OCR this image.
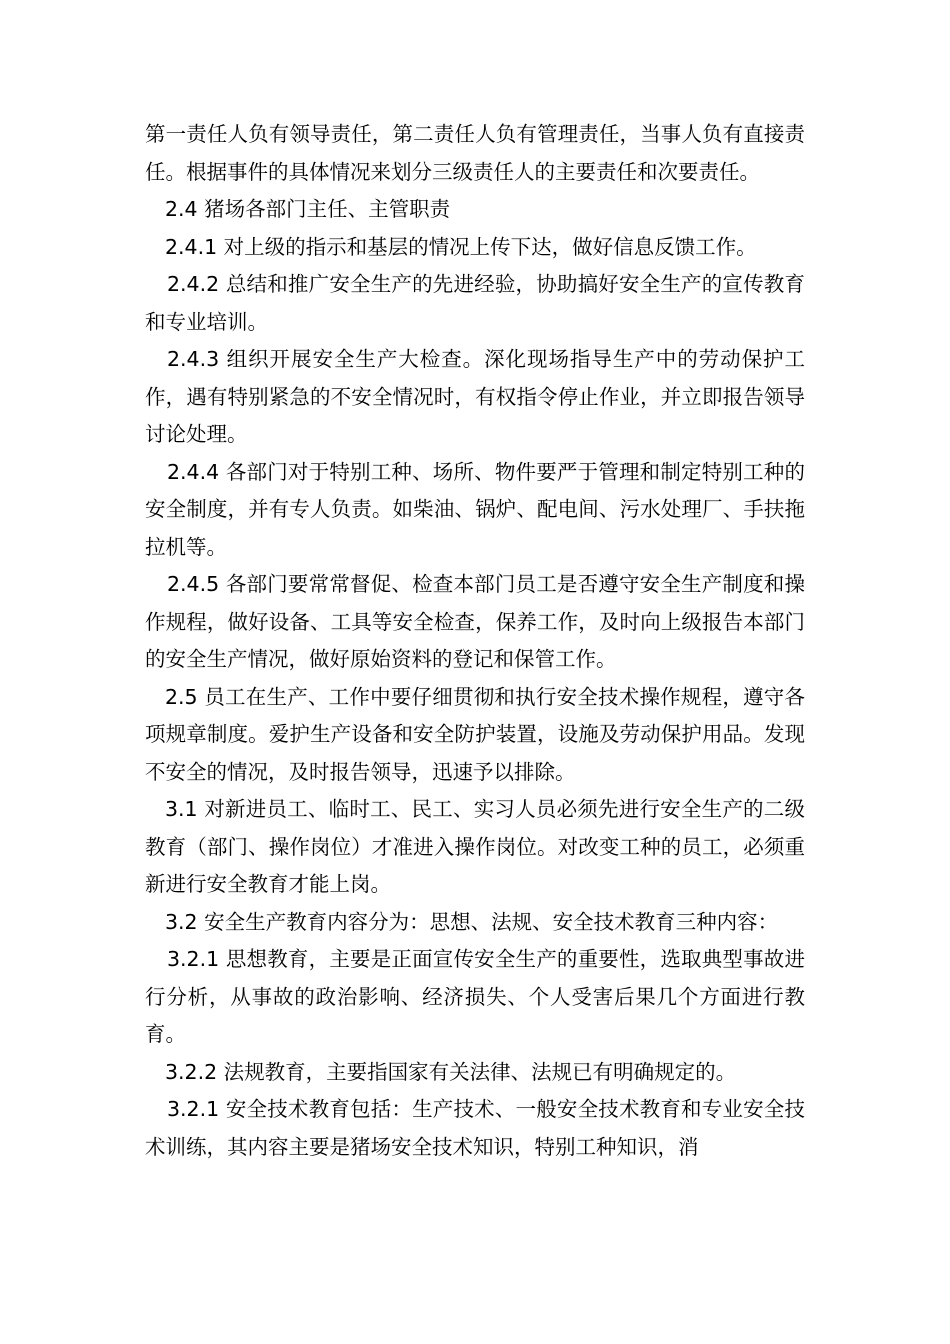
第一责任人负有领导责任，第二责任人负有管理责任，当事人负有直接责任。根据事件的具体情况来划分三级责任人的主要责任和次要责任。

2.4 猪场各部门主任、主管职责

2.4.1 对上级的指示和基层的情况上传下达，做好信息反馈工作。

2.4.2 总结和推广安全生产的先进经验，协助搞好安全生产的宣传教育和专业培训。

2.4.3 组织开展安全生产大检查。深化现场指导生产中的劳动保护工作，遇有特别紧急的不安全情况时，有权指令停止作业，并立即报告领导讨论处理。

2.4.4 各部门对于特别工种、场所、物件要严于管理和制定特别工种的安全制度，并有专人负责。如柴油、锅炉、配电间、污水处理厂、手扶拖拉机等。

2.4.5 各部门要常常督促、检查本部门员工是否遵守安全生产制度和操作规程，做好设备、工具等安全检查，保养工作，及时向上级报告本部门的安全生产情况，做好原始资料的登记和保管工作。

2.5 员工在生产、工作中要仔细贯彻和执行安全技术操作规程，遵守各项规章制度。爱护生产设备和安全防护装置，设施及劳动保护用品。发现不安全的情况，及时报告领导，迅速予以排除。

3.1 对新进员工、临时工、民工、实习人员必须先进行安全生产的二级教育（部门、操作岗位）才准进入操作岗位。对改变工种的员工，必须重新进行安全教育才能上岗。

3.2 安全生产教育内容分为：思想、法规、安全技术教育三种内容：

3.2.1 思想教育，主要是正面宣传安全生产的重要性，选取典型事故进行分析，从事故的政治影响、经济损失、个人受害后果几个方面进行教育。

3.2.2 法规教育，主要指国家有关法律、法规已有明确规定的。

3.2.1 安全技术教育包括：生产技术、一般安全技术教育和专业安全技术训练，其内容主要是猪场安全技术知识，特别工种知识，消
